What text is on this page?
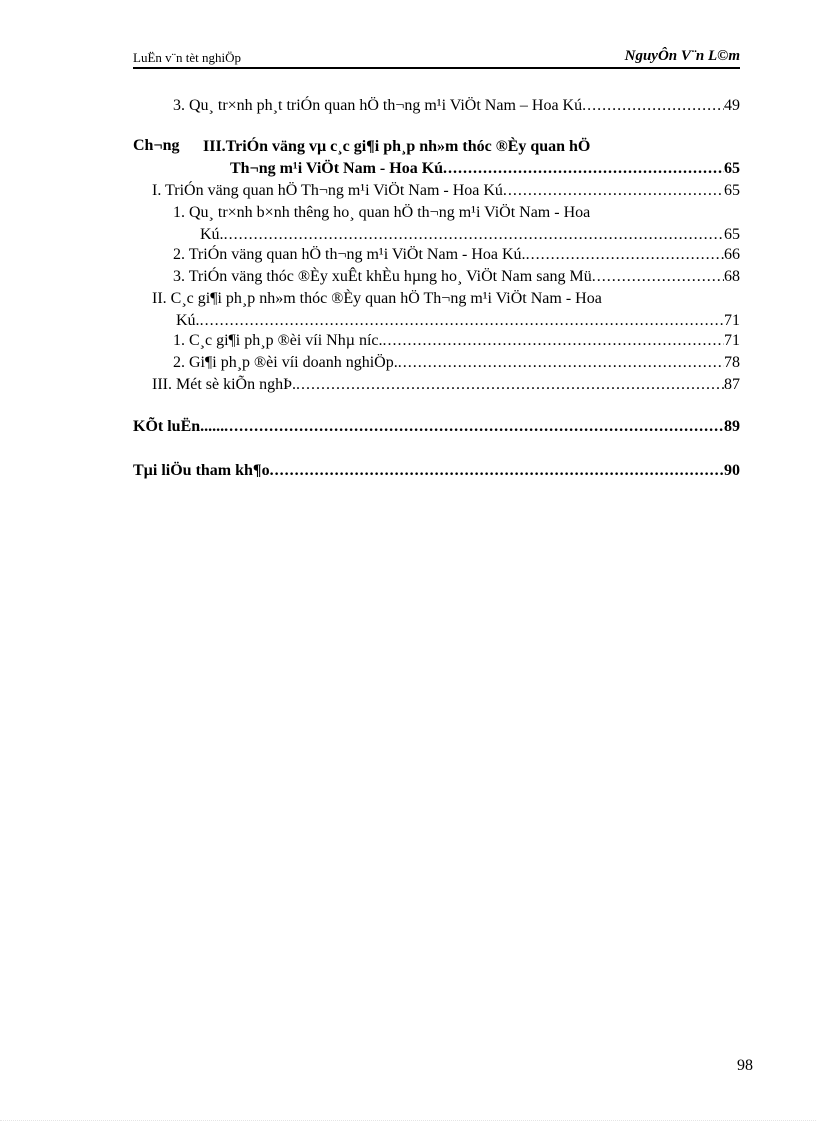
LuËn v¨n tèt nghiÖp	NguyÔn V¨n L©m
3. Qu¸ tr×nh ph¸t triÓn quan hÖ th¬ng m¹i ViÖt Nam – Hoa Kú .....	49
Ch¬ng III.TriÓn väng vµ c¸c gi¶i ph¸p nh»m thóc ®Èy quan hÖ
Th¬ng m¹i ViÖt Nam - Hoa Kú .....	65
I. TriÓn väng quan hÖ Th¬ng m¹i ViÖt Nam - Hoa Kú .....	65
1. Qu¸ tr×nh b×nh thêng ho¸ quan hÖ th¬ng m¹i ViÖt Nam - Hoa
Kú. .....	65
2. TriÓn väng quan hÖ th¬ng m¹i ViÖt Nam - Hoa Kú. .....	66
3. TriÓn väng thóc ®Èy xuÊt khÈu hµng ho¸ ViÖt Nam sang Mü .....	68
II. C¸c gi¶i ph¸p nh»m thóc ®Èy quan hÖ Th¬ng m¹i ViÖt Nam - Hoa
Kú. .....	71
1. C¸c gi¶i ph¸p ®èi víi Nhµ níc. .....	71
2. Gi¶i ph¸p ®èi víi doanh nghiÖp. .....	78
III. Mét sè kiÕn nghÞ. .....	87
KÕt luËn...... .....	89
Tµi liÖu tham kh¶o .....	90
98
